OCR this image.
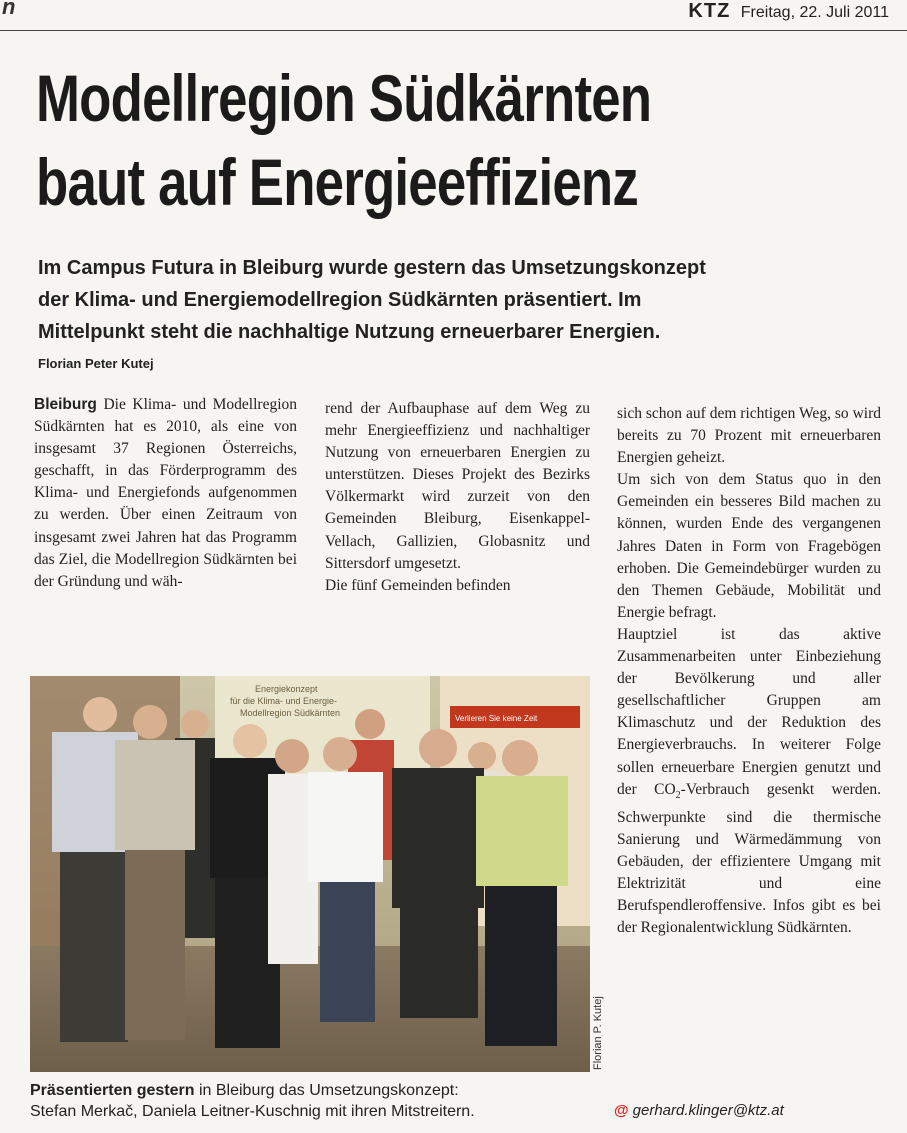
n	KTZ Freitag, 22. Juli 2011
Modellregion Südkärnten
baut auf Energieeffizienz
Im Campus Futura in Bleiburg wurde gestern das Umsetzungskonzept
der Klima- und Energiemodellregion Südkärnten präsentiert. Im
Mittelpunkt steht die nachhaltige Nutzung erneuerbarer Energien.
Florian Peter Kutej

Bleiburg Die Klima- und Modellregion Südkärnten hat es 2010, als eine von insgesamt 37 Regionen Österreichs, geschafft, in das Förderprogramm des Klima- und Energiefonds aufgenommen zu werden. Über einen Zeitraum von insgesamt zwei Jahren hat das Programm das Ziel, die Modellregion Südkärnten bei der Gründung und wäh-

rend der Aufbauphase auf dem Weg zu mehr Energieeffizienz und nachhaltiger Nutzung von erneuerbaren Energien zu unterstützen. Dieses Projekt des Bezirks Völkermarkt wird zurzeit von den Gemeinden Bleiburg, Eisenkappel-Vellach, Gallizien, Globasnitz und Sittersdorf umgesetzt.

Die fünf Gemeinden befinden

sich schon auf dem richtigen Weg, so wird bereits zu 70 Prozent mit erneuerbaren Energien geheizt.

Um sich von dem Status quo in den Gemeinden ein besseres Bild machen zu können, wurden Ende des vergangenen Jahres Daten in Form von Fragebögen erhoben. Die Gemeindebürger wurden zu den Themen Gebäude, Mobilität und Energie befragt.

Hauptziel ist das aktive Zusammenarbeiten unter Einbeziehung der Bevölkerung und aller gesellschaftlicher Gruppen am Klimaschutz und der Reduktion des Energieverbrauchs. In weiterer Folge sollen erneuerbare Energien genutzt und der $CO_2$-Verbrauch gesenkt werden. Schwerpunkte sind die thermische Sanierung und Wärmedämmung von Gebäuden, der effizientere Umgang mit Elektrizität und eine Berufspendleroffensive. Infos gibt es bei der Regionalentwicklung Südkärnten.

Energiekonzept
für die Klima- und Energie-
Modellregion Südkärnten
Verlieren Sie keine Zeit
Florian P. Kutej
Präsentierten gestern in Bleiburg das Umsetzungskonzept:
Stefan Merkač, Daniela Leitner-Kuschnig mit ihren Mitstreitern.	@ gerhard.klinger@ktz.at
